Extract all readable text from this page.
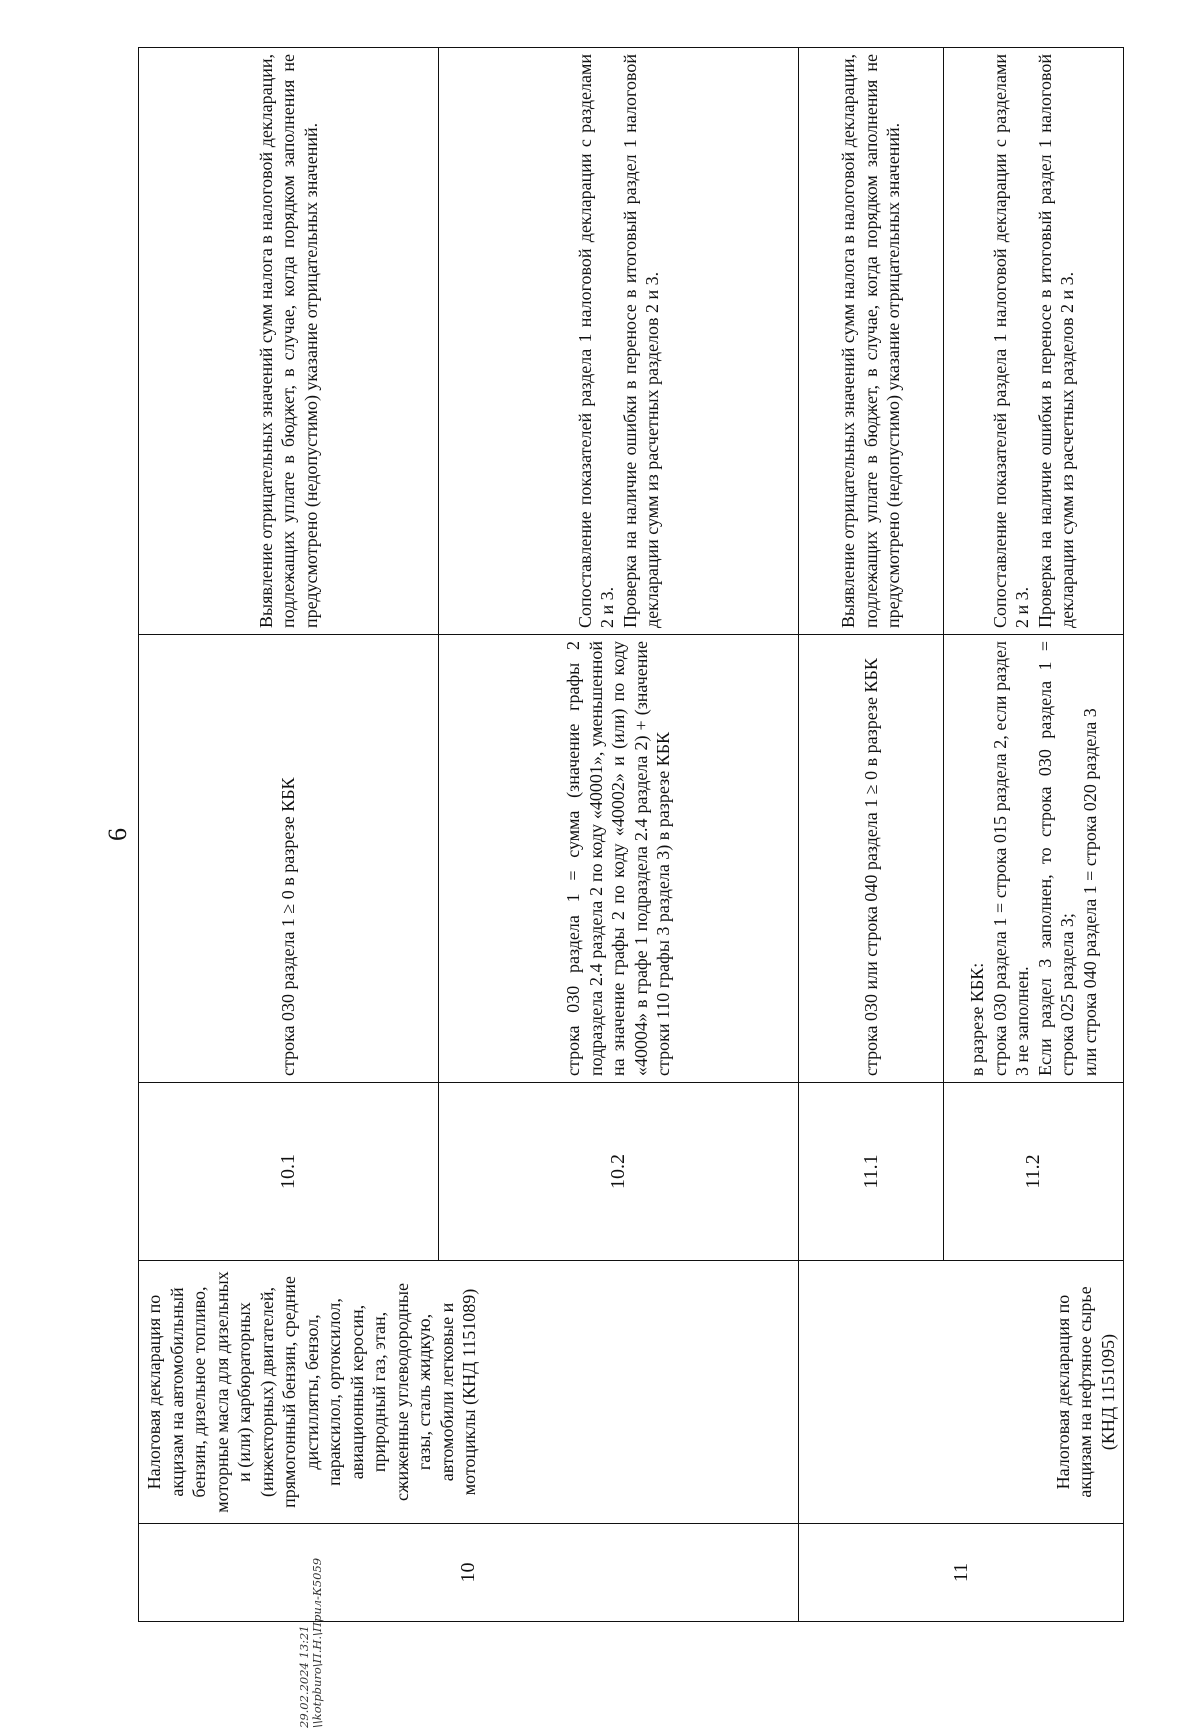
6
10	Налоговая декларация по акцизам на автомобильный бензин, дизельное топливо, моторные масла для дизельных и (или) карбюраторных (инжекторных) двигателей, прямогонный бензин, средние дистилляты, бензол, параксилол, ортоксилол, авиационный керосин, природный газ, этан, сжиженные углеводородные газы, сталь жидкую, автомобили легковые и мотоциклы (КНД 1151089)	10.1	строка 030 раздела 1 ≥ 0 в разрезе КБК	Выявление отрицательных значений сумм налога в налоговой декларации, подлежащих уплате в бюджет, в случае, когда порядком заполнения не предусмотрено (недопустимо) указание отрицательных значений.
		10.2	строка 030 раздела 1 = сумма (значение графы 2 подраздела 2.4 раздела 2 по коду «40001», уменьшенной на значение графы 2 по коду «40002» и (или) по коду «40004» в графе 1 подраздела 2.4 раздела 2) + (значение строки 110 графы 3 раздела 3) в разрезе КБК	Сопоставление показателей раздела 1 налоговой декларации с разделами 2 и 3. Проверка на наличие ошибки в переносе в итоговый раздел 1 налоговой декларации сумм из расчетных разделов 2 и 3.

11	Налоговая декларация по акцизам на нефтяное сырье (КНД 1151095)	11.1	строка 030 или строка 040 раздела 1 ≥ 0 в разрезе КБК	Выявление отрицательных значений сумм налога в налоговой декларации, подлежащих уплате в бюджет, в случае, когда порядком заполнения не предусмотрено (недопустимо) указание отрицательных значений.
		11.2	в разрезе КБК: строка 030 раздела 1 = строка 015 раздела 2, если раздел 3 не заполнен. Если раздел 3 заполнен, то строка 030 раздела 1 = строка 025 раздела 3; или строка 040 раздела 1 = строка 020 раздела 3	Сопоставление показателей раздела 1 налоговой декларации с разделами 2 и 3. Проверка на наличие ошибки в переносе в итоговый раздел 1 налоговой декларации сумм из расчетных разделов 2 и 3.
29.02.2024 13:21 \\kotpburo\П.Н.\Прил-К5059
